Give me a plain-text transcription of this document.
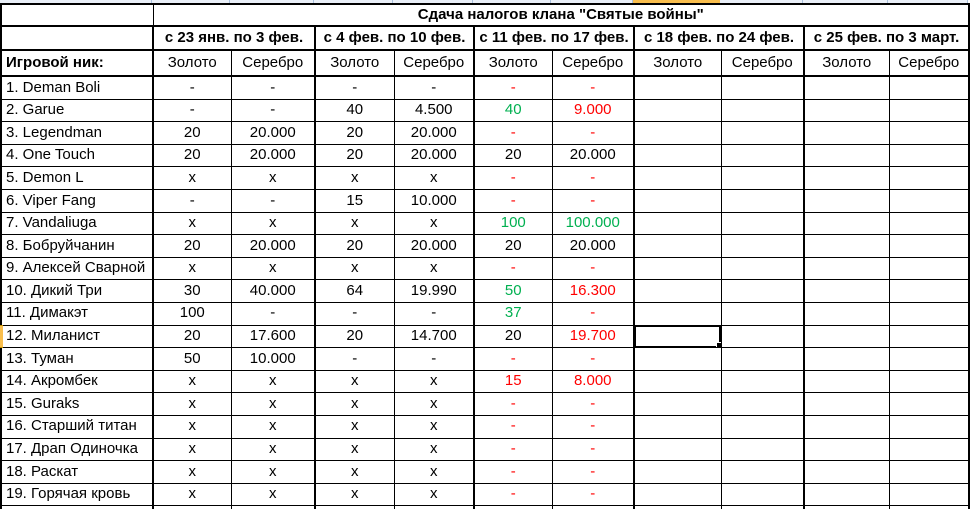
	Сдача налогов клана "Святые войны"									
	с 23 янв. по 3 фев.		с 4 фев. по 10 фев.		с 11 фев. по 17 фев.		с 18 фев. по 24 фев.		с 25 фев. по 3 март.	
Игровой ник:	Золото	Серебро	Золото	Серебро	Золото	Серебро	Золото	Серебро	Золото	Серебро
1. Deman Boli	-	-	-	-	-	-				
2. Garue	-	-	40	4.500	40	9.000				
3. Legendman	20	20.000	20	20.000	-	-				
4. One Touch	20	20.000	20	20.000	20	20.000				
5. Demon L	x	x	x	x	-	-				
6. Viper Fang	-	-	15	10.000	-	-				
7. Vandaliuga	x	x	x	x	100	100.000				
8. Бобруйчанин	20	20.000	20	20.000	20	20.000				
9. Алексей Сварной	x	x	x	x	-	-				
10. Дикий Три	30	40.000	64	19.990	50	16.300				
11. Димакэт	100	-	-	-	37	-				
12. Миланист	20	17.600	20	14.700	20	19.700				
13. Туман	50	10.000	-	-	-	-				
14. Акромбек	x	x	x	x	15	8.000				
15. Guraks	x	x	x	x	-	-				
16. Старший титан	x	x	x	x	-	-				
17. Драп Одиночка	x	x	x	x	-	-				
18. Раскат	x	x	x	x	-	-				
19. Горячая кровь	x	x	x	x	-	-				
